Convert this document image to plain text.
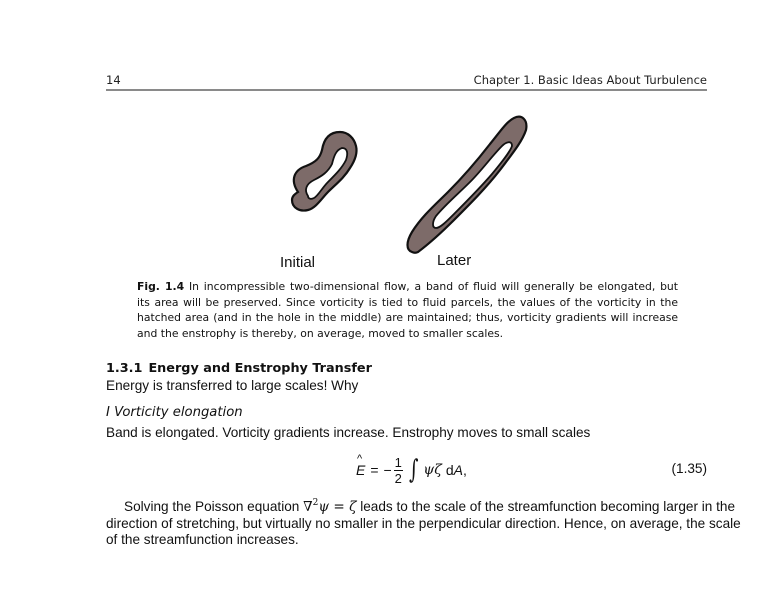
14	Chapter 1. Basic Ideas About Turbulence
Initial	Later
Fig. 1.4 In incompressible two-dimensional flow, a band of fluid will generally be elongated, but
its area will be preserved. Since vorticity is tied to fluid parcels, the values of the vorticity in the
hatched area (and in the hole in the middle) are maintained; thus, vorticity gradients will increase
and the enstrophy is thereby, on average, moved to smaller scales.
1.3.1 Energy and Enstrophy Transfer
Energy is transferred to large scales! Why
I Vorticity elongation
Band is elongated. Vorticity gradients increase. Enstrophy moves to small scales
^
E = − $\frac{1}{2}$ ∫ ψζ dA,	(1.35)
Solving the Poisson equation ∇$^2$ψ = ζ leads to the scale of the streamfunction becoming larger in the
direction of stretching, but virtually no smaller in the perpendicular direction. Hence, on average, the scale
of the streamfunction increases.
